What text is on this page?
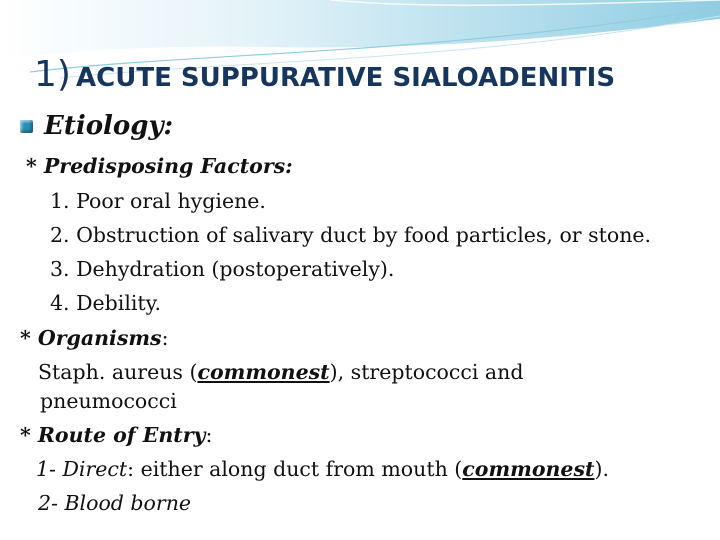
1) ACUTE SUPPURATIVE SIALOADENITIS
Etiology:
* Predisposing Factors:
1. Poor oral hygiene.
2. Obstruction of salivary duct by food particles, or stone.
3. Dehydration (postoperatively).
4. Debility.
* Organisms:
Staph. aureus (commonest), streptococci and
pneumococci
* Route of Entry:
1- Direct: either along duct from mouth (commonest).
2- Blood borne
